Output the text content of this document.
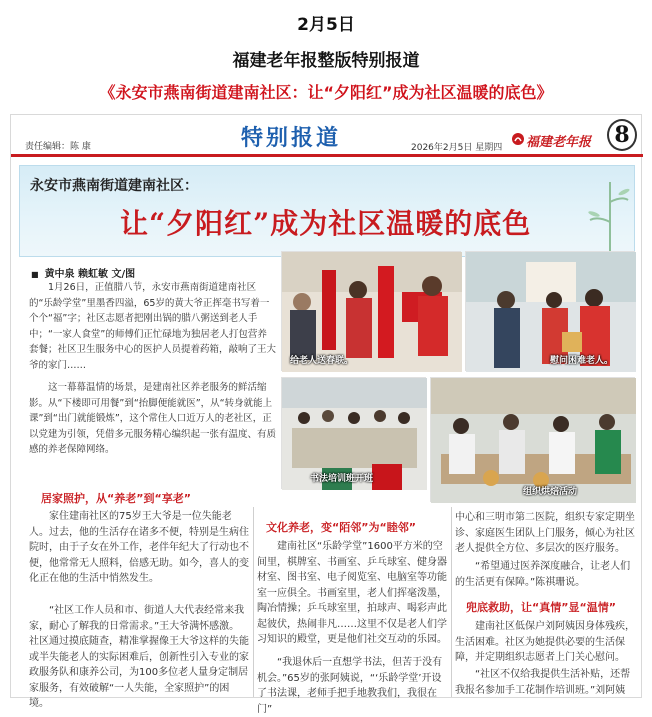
2月5日
福建老年报整版特别报道
《永安市燕南街道建南社区：让“夕阳红”成为社区温暖的底色》
责任编辑：陈 康	特别报道	2026年2月5日 星期四 福建老年报	8
永安市燕南街道建南社区：
让“夕阳红”成为社区温暖的底色
■ 黄中泉 赖虹敏 文/图

1月26日，正值腊八节，永安市燕南街道建南社区的“乐龄学堂”里墨香四溢，65岁的黄大爷正挥毫书写着一个个“福”字；社区志愿者把刚出锅的腊八粥送到老人手中；“一家人食堂”的师傅们正忙碌地为独居老人打包营养套餐；社区卫生服务中心的医护人员提着药箱，敲响了王大爷的家门……

这一幕幕温情的场景，是建南社区养老服务的鲜活缩影。从“下楼即可用餐”到“抬脚便能就医”，从“转身就能上课”到“出门就能锻炼”，这个常住人口近万人的老社区，正以党建为引领，凭借多元服务精心编织起一张有温度、有质感的养老保障网络。

给老人送春联。	慰问困难老人。
书法培训班开班
组织烘焙活动
居家照护，从“养老”到“享老”

家住建南社区的75岁王大爷是一位失能老人。过去，他的生活存在诸多不便，特别是生病住院时，由于子女在外工作，老伴年纪大了行动也不便，他常常无人照料，倍感无助。如今，喜人的变化正在他的生活中悄然发生。

“社区工作人员和市、街道人大代表经常来我家，耐心了解我的日常需求。”王大爷满怀感激。社区通过摸底随查，精准掌握像王大爷这样的失能或半失能老人的实际困难后，创新性引入专业的家政服务队和康养公司，为100多位老人量身定制居家服务，有效破解“一人失能，全家照护”的困境。

文化养老，变“陌邻”为“睦邻”

建南社区“乐龄学堂”1600平方米的空间里，棋牌室、书画室、乒乓球室、健身器材室、图书室、电子阅览室、电脑室等功能室一应俱全。书画室里，老人们挥毫泼墨，陶冶情操；乒乓球室里，拍球声、喝彩声此起彼伏，热闹非凡……这里不仅是老人们学习知识的殿堂，更是他们社交互动的乐园。

“我退休后一直想学书法，但苦于没有机会。”65岁的张阿姨说，“‘乐龄学堂’开设了书法课，老师手把手地教我们，我很在门”

中心和三明市第二医院，组织专家定期坐诊、家庭医生团队上门服务，倾心为社区老人提供全方位、多层次的医疗服务。

“希望通过医养深度融合，让老人们的生活更有保障。”陈祺珊说。

兜底救助，让“真情”显“温情”

建南社区低保户刘阿姨因身体残疾，生活困难。社区为她提供必要的生活保障，并定期组织志愿者上门关心慰问。

“社区不仅给我提供生活补贴，还帮我报名参加手工花制作培训班。”刘阿姨
